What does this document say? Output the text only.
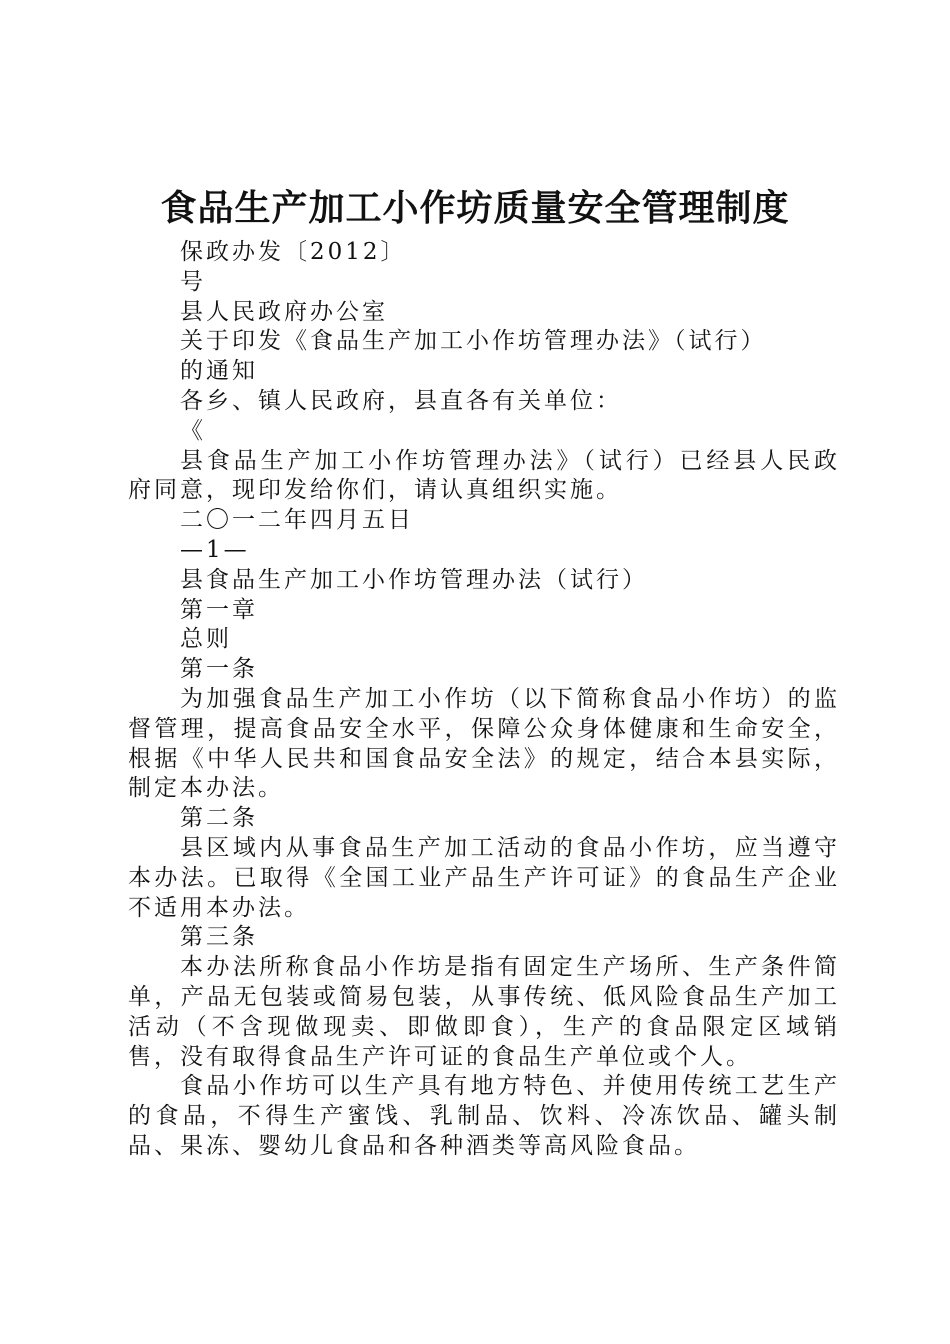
食品生产加工小作坊质量安全管理制度

保政办发〔2012〕

号

县人民政府办公室

关于印发《食品生产加工小作坊管理办法》（试行）

的通知

各乡、镇人民政府，县直各有关单位：

《

县食品生产加工小作坊管理办法》（试行）已经县人民政府同意，现印发给你们，请认真组织实施。

二〇一二年四月五日

—1—

县食品生产加工小作坊管理办法（试行）

第一章

总则

第一条

为加强食品生产加工小作坊（以下简称食品小作坊）的监督管理，提高食品安全水平，保障公众身体健康和生命安全，根据《中华人民共和国食品安全法》的规定，结合本县实际，制定本办法。

第二条

县区域内从事食品生产加工活动的食品小作坊，应当遵守本办法。已取得《全国工业产品生产许可证》的食品生产企业不适用本办法。

第三条

本办法所称食品小作坊是指有固定生产场所、生产条件简单，产品无包装或简易包装，从事传统、低风险食品生产加工活动（不含现做现卖、即做即食），生产的食品限定区域销售，没有取得食品生产许可证的食品生产单位或个人。

食品小作坊可以生产具有地方特色、并使用传统工艺生产的食品，不得生产蜜饯、乳制品、饮料、冷冻饮品、罐头制品、果冻、婴幼儿食品和各种酒类等高风险食品。
